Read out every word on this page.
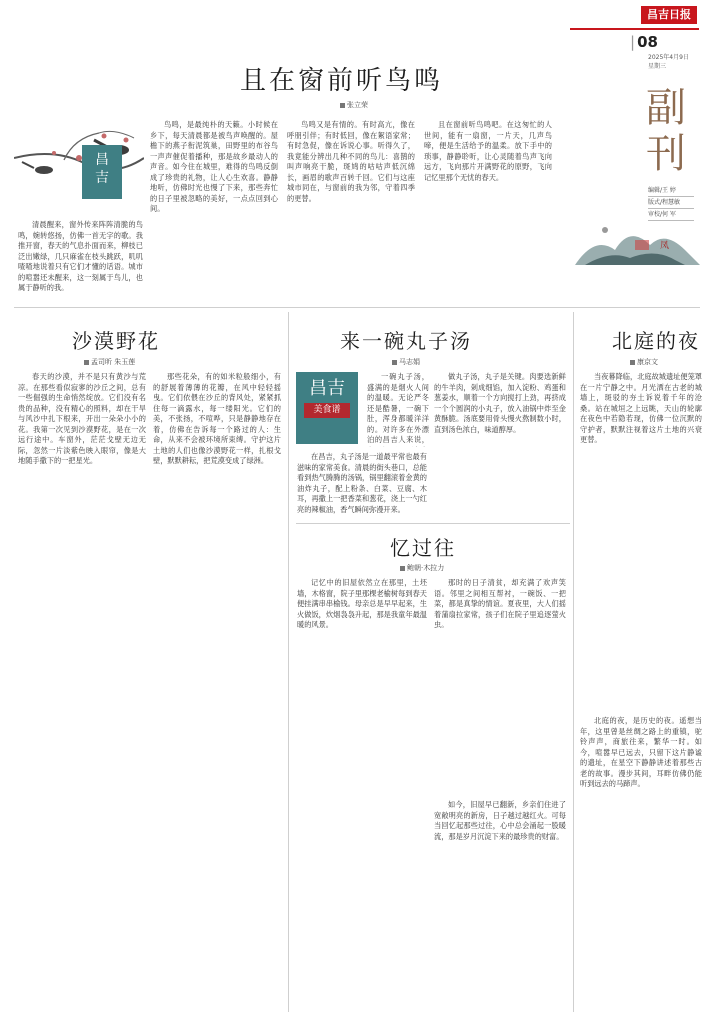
昌吉日报
| 08
2025年4月9日
星期三
副刊
编辑/王 婷
版式/程慧敏
审校/何 军
且在窗前听鸟鸣
张立荣
昌
吉

清晨醒来，窗外传来阵阵清脆的鸟鸣，婉转悠扬，仿佛一首无字的歌。我推开窗，春天的气息扑面而来，柳枝已泛出嫩绿，几只麻雀在枝头跳跃，叽叽喳喳地说着只有它们才懂的话语。城市的喧嚣还未醒来，这一刻属于鸟儿，也属于静听的我。

鸟鸣，是最纯朴的天籁。小时候在乡下，每天清晨都是被鸟声唤醒的。屋檐下的燕子衔泥筑巢，田野里的布谷鸟一声声催促着播种，那是故乡最动人的声音。如今住在城里，难得的鸟鸣反倒成了珍贵的礼物，让人心生欢喜。静静地听，仿佛时光也慢了下来，那些奔忙的日子里被忽略的美好，一点点回到心间。

鸟鸣又是有情的。有时高亢，像在呼朋引伴；有时低回，像在絮语家常；有时急促，像在诉说心事。听得久了，我竟能分辨出几种不同的鸟儿：喜鹊的叫声响亮干脆，斑鸠的咕咕声低沉绵长，画眉的歌声百转千回。它们与这座城市同在，与窗前的我为邻，守着四季的更替。

且在窗前听鸟鸣吧。在这匆忙的人世间，能有一扇窗，一片天，几声鸟啼，便是生活给予的温柔。放下手中的琐事，静静聆听，让心灵随着鸟声飞向远方，飞向那片开满野花的原野，飞向记忆里那个无忧的春天。

凤
沙漠野花
孟司昕 朱玉莲

春天的沙漠，并不是只有黄沙与荒凉。在那些看似寂寥的沙丘之间，总有一些倔强的生命悄然绽放。它们没有名贵的品种，没有精心的照料，却在干旱与风沙中扎下根来，开出一朵朵小小的花。我第一次见到沙漠野花，是在一次远行途中。车窗外，茫茫戈壁无边无际，忽然一片淡紫色映入眼帘，像是大地随手撒下的一把星光。

那些花朵，有的如米粒般细小，有的舒展着薄薄的花瓣，在风中轻轻摇曳。它们依偎在沙丘的背风处，紧紧抓住每一滴露水，每一缕阳光。它们的美，不张扬，不喧哗，只是静静地存在着，仿佛在告诉每一个路过的人：生命，从来不会被环境所束缚。守护这片土地的人们也像沙漠野花一样，扎根戈壁，默默耕耘，把荒漠变成了绿洲。

来一碗丸子汤
马志娟
昌吉
美食谱

在昌吉，丸子汤是一道最平常也最有滋味的家常美食。清晨的街头巷口，总能看到热气腾腾的汤锅，锅里翻滚着金黄的油炸丸子，配上粉条、白菜、豆腐、木耳，再撒上一把香菜和葱花，浇上一勺红亮的辣椒油，香气瞬间弥漫开来。

做丸子汤，丸子是关键。肉要选新鲜的牛羊肉，剁成细馅，加入淀粉、鸡蛋和葱姜水，顺着一个方向搅打上劲，再挤成一个个圆润的小丸子，放入油锅中炸至金黄酥脆。汤底要用骨头慢火熬制数小时，直到汤色浓白，味道醇厚。

一碗丸子汤，盛满的是烟火人间的温暖。无论严冬还是酷暑，一碗下肚，浑身都暖洋洋的。对许多在外漂泊的昌吉人来说，

忆过往
鲍朝·木拉力

记忆中的旧屋依然立在那里，土坯墙，木格窗，院子里那棵老榆树每到春天便挂满串串榆钱。母亲总是早早起来，生火做饭，炊烟袅袅升起，那是我童年最温暖的风景。

那时的日子清贫，却充满了欢声笑语。邻里之间相互帮衬，一碗饭、一把菜，都是真挚的情谊。夏夜里，大人们摇着蒲扇拉家常，孩子们在院子里追逐萤火虫。

如今，旧屋早已翻新，乡亲们住进了宽敞明亮的新房，日子越过越红火。可每当回忆起那些过往，心中总会涌起一股暖流，那是岁月沉淀下来的最珍贵的财富。

北庭的夜
康京文

当夜幕降临，北庭故城遗址便笼罩在一片宁静之中。月光洒在古老的城墙上，斑驳的夯土诉说着千年的沧桑。站在城垣之上远眺，天山的轮廓在夜色中若隐若现，仿佛一位沉默的守护者，默默注视着这片土地的兴衰更替。

北庭的夜，是历史的夜。遥想当年，这里曾是丝绸之路上的重镇，驼铃声声，商旅往来，繁华一时。如今，喧嚣早已远去，只留下这片静谧的遗址，在星空下静静讲述着那些古老的故事。漫步其间，耳畔仿佛仍能听到远去的马蹄声。
